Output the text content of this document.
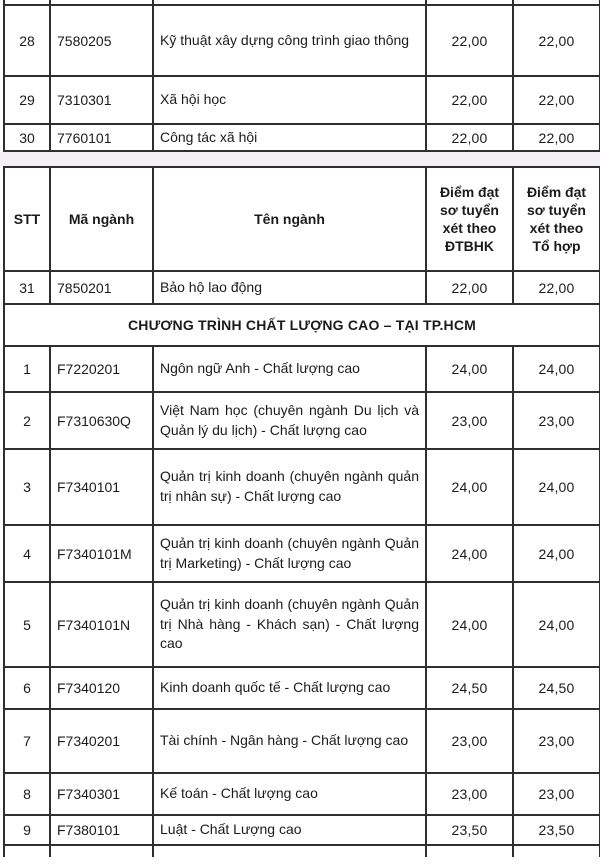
28	7580205	Kỹ thuật xây dựng công trình giao thông	22,00	22,00
29	7310301	Xã hội học	22,00	22,00
30	7760101	Công tác xã hội	22,00	22,00
STT	Mã ngành	Tên ngành	Điểm đạt sơ tuyển xét theo ĐTBHK	Điểm đạt sơ tuyển xét theo Tổ hợp
31	7850201	Bảo hộ lao động	22,00	22,00
CHƯƠNG TRÌNH CHẤT LƯỢNG CAO – TẠI TP.HCM				
1	F7220201	Ngôn ngữ Anh - Chất lượng cao	24,00	24,00
2	F7310630Q	Việt Nam học (chuyên ngành Du lịch và Quản lý du lịch) - Chất lượng cao	23,00	23,00
3	F7340101	Quản trị kinh doanh (chuyên ngành quản trị nhân sự) - Chất lượng cao	24,00	24,00
4	F7340101M	Quản trị kinh doanh (chuyên ngành Quản trị Marketing) - Chất lượng cao	24,00	24,00
5	F7340101N	Quản trị kinh doanh (chuyên ngành Quản trị Nhà hàng - Khách sạn) - Chất lượng cao	24,00	24,00
6	F7340120	Kinh doanh quốc tế - Chất lượng cao	24,50	24,50
7	F7340201	Tài chính - Ngân hàng - Chất lượng cao	23,00	23,00
8	F7340301	Kế toán - Chất lượng cao	23,00	23,00
9	F7380101	Luật - Chất Lượng cao	23,50	23,50
